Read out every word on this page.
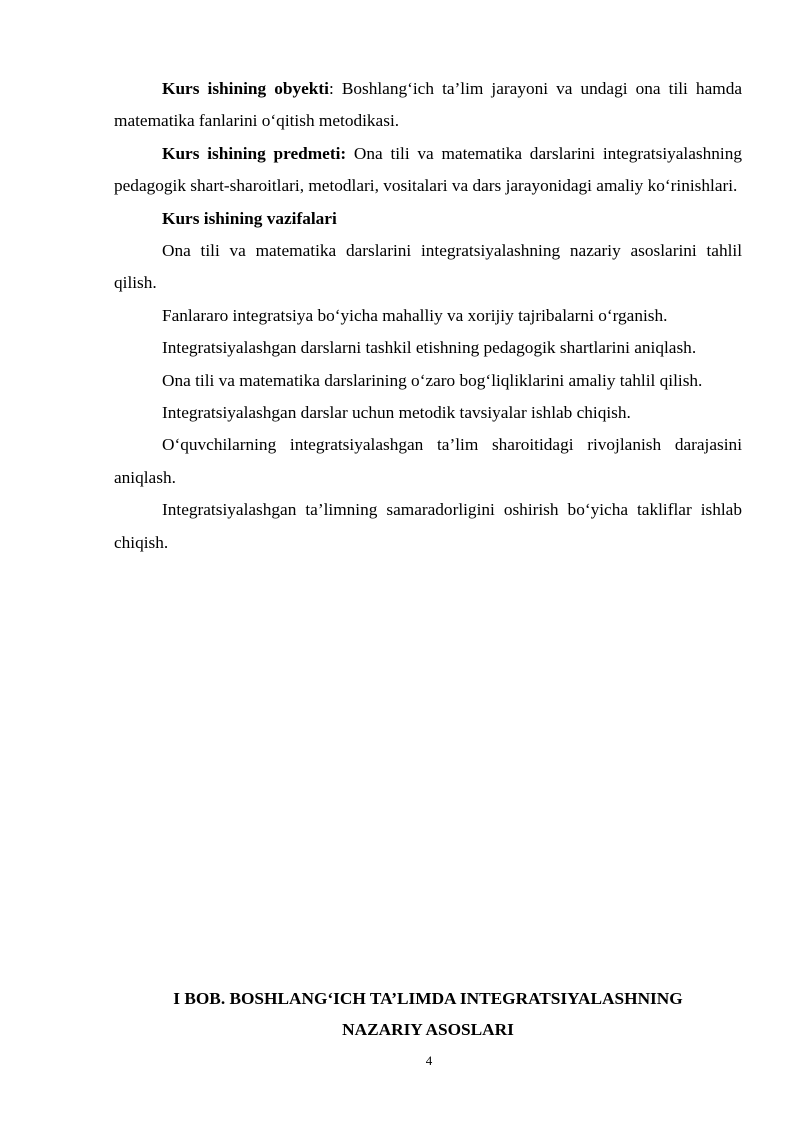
Kurs ishining obyekti: Boshlang‘ich ta’lim jarayoni va undagi ona tili hamda matematika fanlarini o‘qitish metodikasi.

Kurs ishining predmeti: Ona tili va matematika darslarini integratsiyalashning pedagogik shart-sharoitlari, metodlari, vositalari va dars jarayonidagi amaliy ko‘rinishlari.

Kurs ishining vazifalari

Ona tili va matematika darslarini integratsiyalashning nazariy asoslarini tahlil qilish.

Fanlararo integratsiya bo‘yicha mahalliy va xorijiy tajribalarni o‘rganish.

Integratsiyalashgan darslarni tashkil etishning pedagogik shartlarini aniqlash.

Ona tili va matematika darslarining o‘zaro bog‘liqliklarini amaliy tahlil qilish.

Integratsiyalashgan darslar uchun metodik tavsiyalar ishlab chiqish.

O‘quvchilarning integratsiyalashgan ta’lim sharoitidagi rivojlanish darajasini aniqlash.

Integratsiyalashgan ta’limning samaradorligini oshirish bo‘yicha takliflar ishlab chiqish.

I BOB. BOSHLANG‘ICH TA’LIMDA INTEGRATSIYALASHNING
NAZARIY ASOSLARI
4
